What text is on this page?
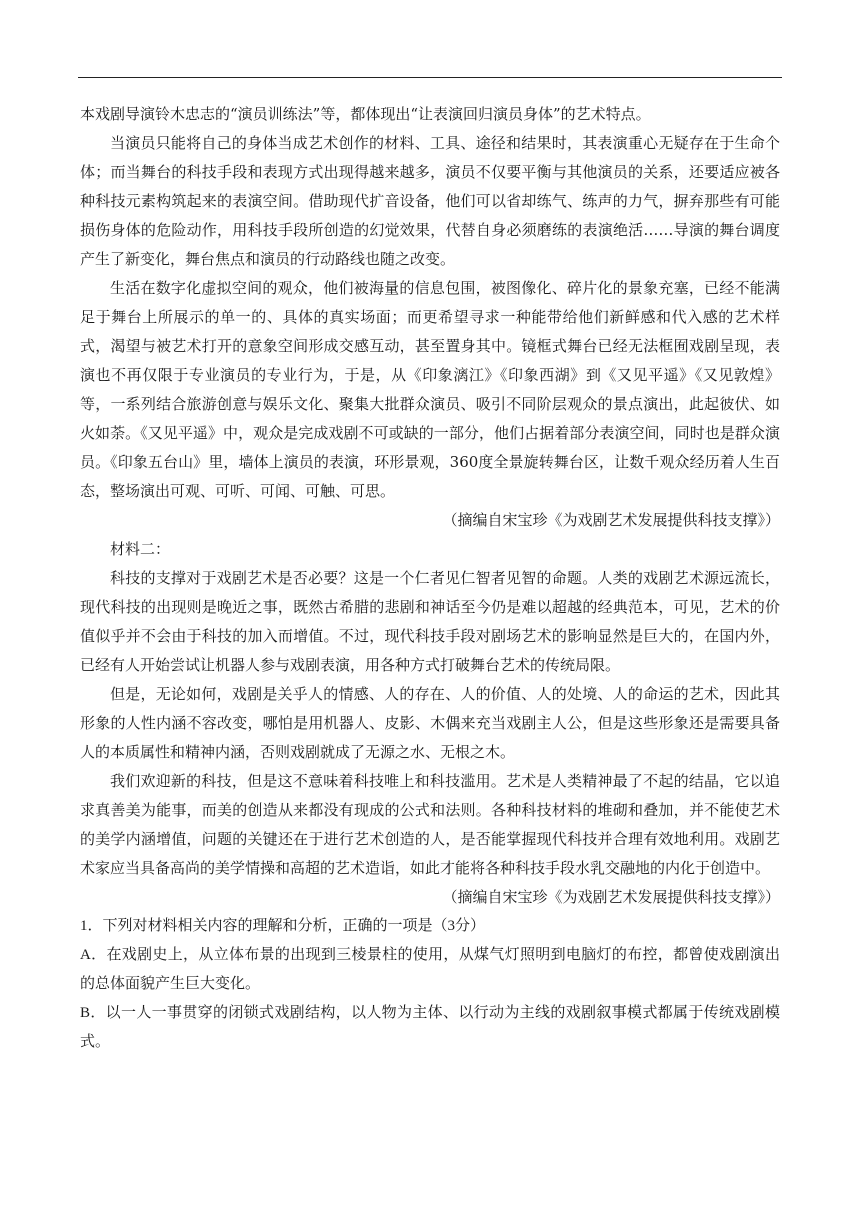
本戏剧导演铃木忠志的“演员训练法”等，都体现出“让表演回归演员身体”的艺术特点。

当演员只能将自己的身体当成艺术创作的材料、工具、途径和结果时，其表演重心无疑存在于生命个体；而当舞台的科技手段和表现方式出现得越来越多，演员不仅要平衡与其他演员的关系，还要适应被各种科技元素构筑起来的表演空间。借助现代扩音设备，他们可以省却练气、练声的力气，摒弃那些有可能损伤身体的危险动作，用科技手段所创造的幻觉效果，代替自身必须磨练的表演绝活……导演的舞台调度产生了新变化，舞台焦点和演员的行动路线也随之改变。

生活在数字化虚拟空间的观众，他们被海量的信息包围，被图像化、碎片化的景象充塞，已经不能满足于舞台上所展示的单一的、具体的真实场面；而更希望寻求一种能带给他们新鲜感和代入感的艺术样式，渴望与被艺术打开的意象空间形成交感互动，甚至置身其中。镜框式舞台已经无法框囿戏剧呈现，表演也不再仅限于专业演员的专业行为，于是，从《印象漓江》《印象西湖》到《又见平遥》《又见敦煌》等，一系列结合旅游创意与娱乐文化、聚集大批群众演员、吸引不同阶层观众的景点演出，此起彼伏、如火如荼。《又见平遥》中，观众是完成戏剧不可或缺的一部分，他们占据着部分表演空间，同时也是群众演员。《印象五台山》里，墙体上演员的表演，环形景观，360度全景旋转舞台区，让数千观众经历着人生百态，整场演出可观、可听、可闻、可触、可思。

（摘编自宋宝珍《为戏剧艺术发展提供科技支撑》）

材料二：

科技的支撑对于戏剧艺术是否必要？这是一个仁者见仁智者见智的命题。人类的戏剧艺术源远流长，现代科技的出现则是晚近之事，既然古希腊的悲剧和神话至今仍是难以超越的经典范本，可见，艺术的价值似乎并不会由于科技的加入而增值。不过，现代科技手段对剧场艺术的影响显然是巨大的，在国内外，已经有人开始尝试让机器人参与戏剧表演，用各种方式打破舞台艺术的传统局限。

但是，无论如何，戏剧是关乎人的情感、人的存在、人的价值、人的处境、人的命运的艺术，因此其形象的人性内涵不容改变，哪怕是用机器人、皮影、木偶来充当戏剧主人公，但是这些形象还是需要具备人的本质属性和精神内涵，否则戏剧就成了无源之水、无根之木。

我们欢迎新的科技，但是这不意味着科技唯上和科技滥用。艺术是人类精神最了不起的结晶，它以追求真善美为能事，而美的创造从来都没有现成的公式和法则。各种科技材料的堆砌和叠加，并不能使艺术的美学内涵增值，问题的关键还在于进行艺术创造的人，是否能掌握现代科技并合理有效地利用。戏剧艺术家应当具备高尚的美学情操和高超的艺术造诣，如此才能将各种科技手段水乳交融地的内化于创造中。

（摘编自宋宝珍《为戏剧艺术发展提供科技支撑》）

1．下列对材料相关内容的理解和分析，正确的一项是（3分）

A．在戏剧史上，从立体布景的出现到三棱景柱的使用，从煤气灯照明到电脑灯的布控，都曾使戏剧演出的总体面貌产生巨大变化。

B．以一人一事贯穿的闭锁式戏剧结构，以人物为主体、以行动为主线的戏剧叙事模式都属于传统戏剧模式。
